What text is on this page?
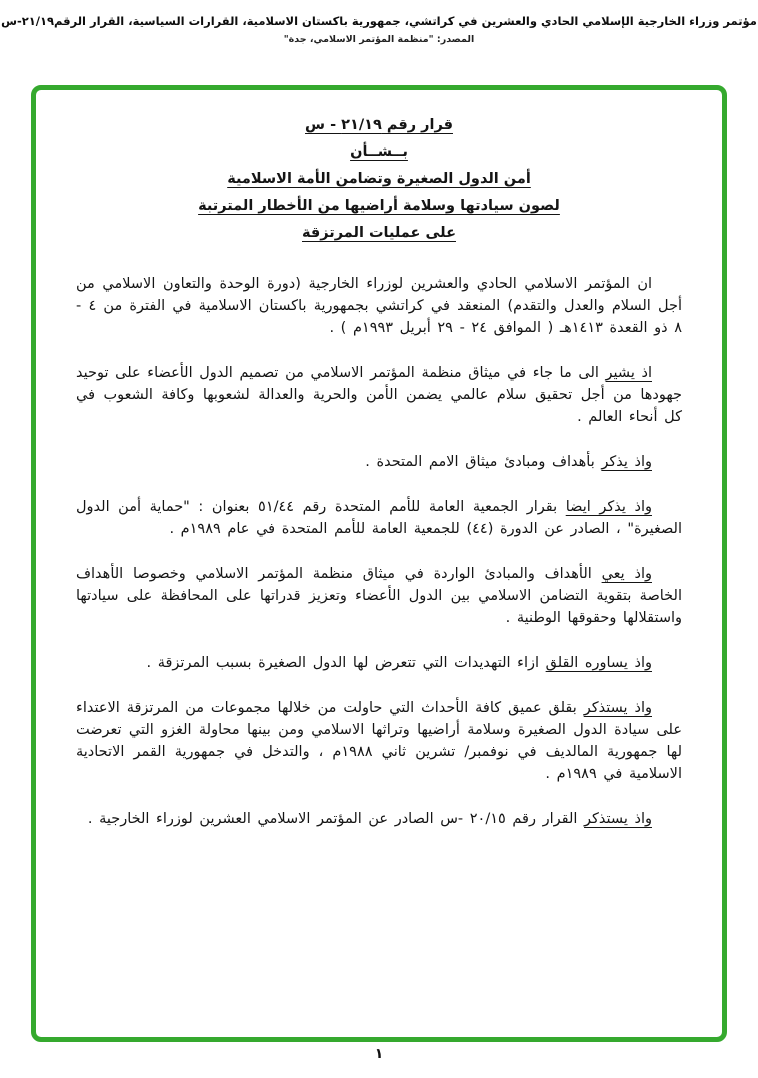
مؤتمر وزراء الخارجية الإسلامي الحادي والعشرين في كراتشي، جمهورية باكستان الاسلامية، القرارات السياسية، القرار الرقم٢١/١٩-س
المصدر: "منظمة المؤتمر الاسلامي، جدة"
قرار رقم ٢١/١٩ - س
بــشــأن
أمن الدول الصغيرة وتضامن الأمة الاسلامية
لصون سيادتها وسلامة أراضيها من الأخطار المترتبة
على عمليات المرتزقة

ان المؤتمر الاسلامي الحادي والعشرين لوزراء الخارجية (دورة الوحدة والتعاون الاسلامي من أجل السلام والعدل والتقدم) المنعقد في كراتشي بجمهورية باكستان الاسلامية في الفترة من ٤ - ٨ ذو القعدة ١٤١٣هـ ( الموافق ٢٤ - ٢٩ أبريل ١٩٩٣م ) .

اذ يشير الى ما جاء في ميثاق منظمة المؤتمر الاسلامي من تصميم الدول الأعضاء على توحيد جهودها من أجل تحقيق سلام عالمي يضمن الأمن والحرية والعدالة لشعوبها وكافة الشعوب في كل أنحاء العالم .

واذ يذكر بأهداف ومبادئ ميثاق الامم المتحدة .

واذ يذكر ايضا بقرار الجمعية العامة للأمم المتحدة رقم ٥١/٤٤ بعنوان : "حماية أمن الدول الصغيرة" ، الصادر عن الدورة (٤٤) للجمعية العامة للأمم المتحدة في عام ١٩٨٩م .

واذ يعي الأهداف والمبادئ الواردة في ميثاق منظمة المؤتمر الاسلامي وخصوصا الأهداف الخاصة بتقوية التضامن الاسلامي بين الدول الأعضاء وتعزيز قدراتها على المحافظة على سيادتها واستقلالها وحقوقها الوطنية .

واذ يساوره القلق ازاء التهديدات التي تتعرض لها الدول الصغيرة بسبب المرتزقة .

واذ يستذكر بقلق عميق كافة الأحداث التي حاولت من خلالها مجموعات من المرتزقة الاعتداء على سيادة الدول الصغيرة وسلامة أراضيها وتراثها الاسلامي ومن بينها محاولة الغزو التي تعرضت لها جمهورية المالديف في نوفمبر/ تشرين ثاني ١٩٨٨م ، والتدخل في جمهورية القمر الاتحادية الاسلامية في ١٩٨٩م .

واذ يستذكر القرار رقم ٢٠/١٥ -س الصادر عن المؤتمر الاسلامي العشرين لوزراء الخارجية .

١
